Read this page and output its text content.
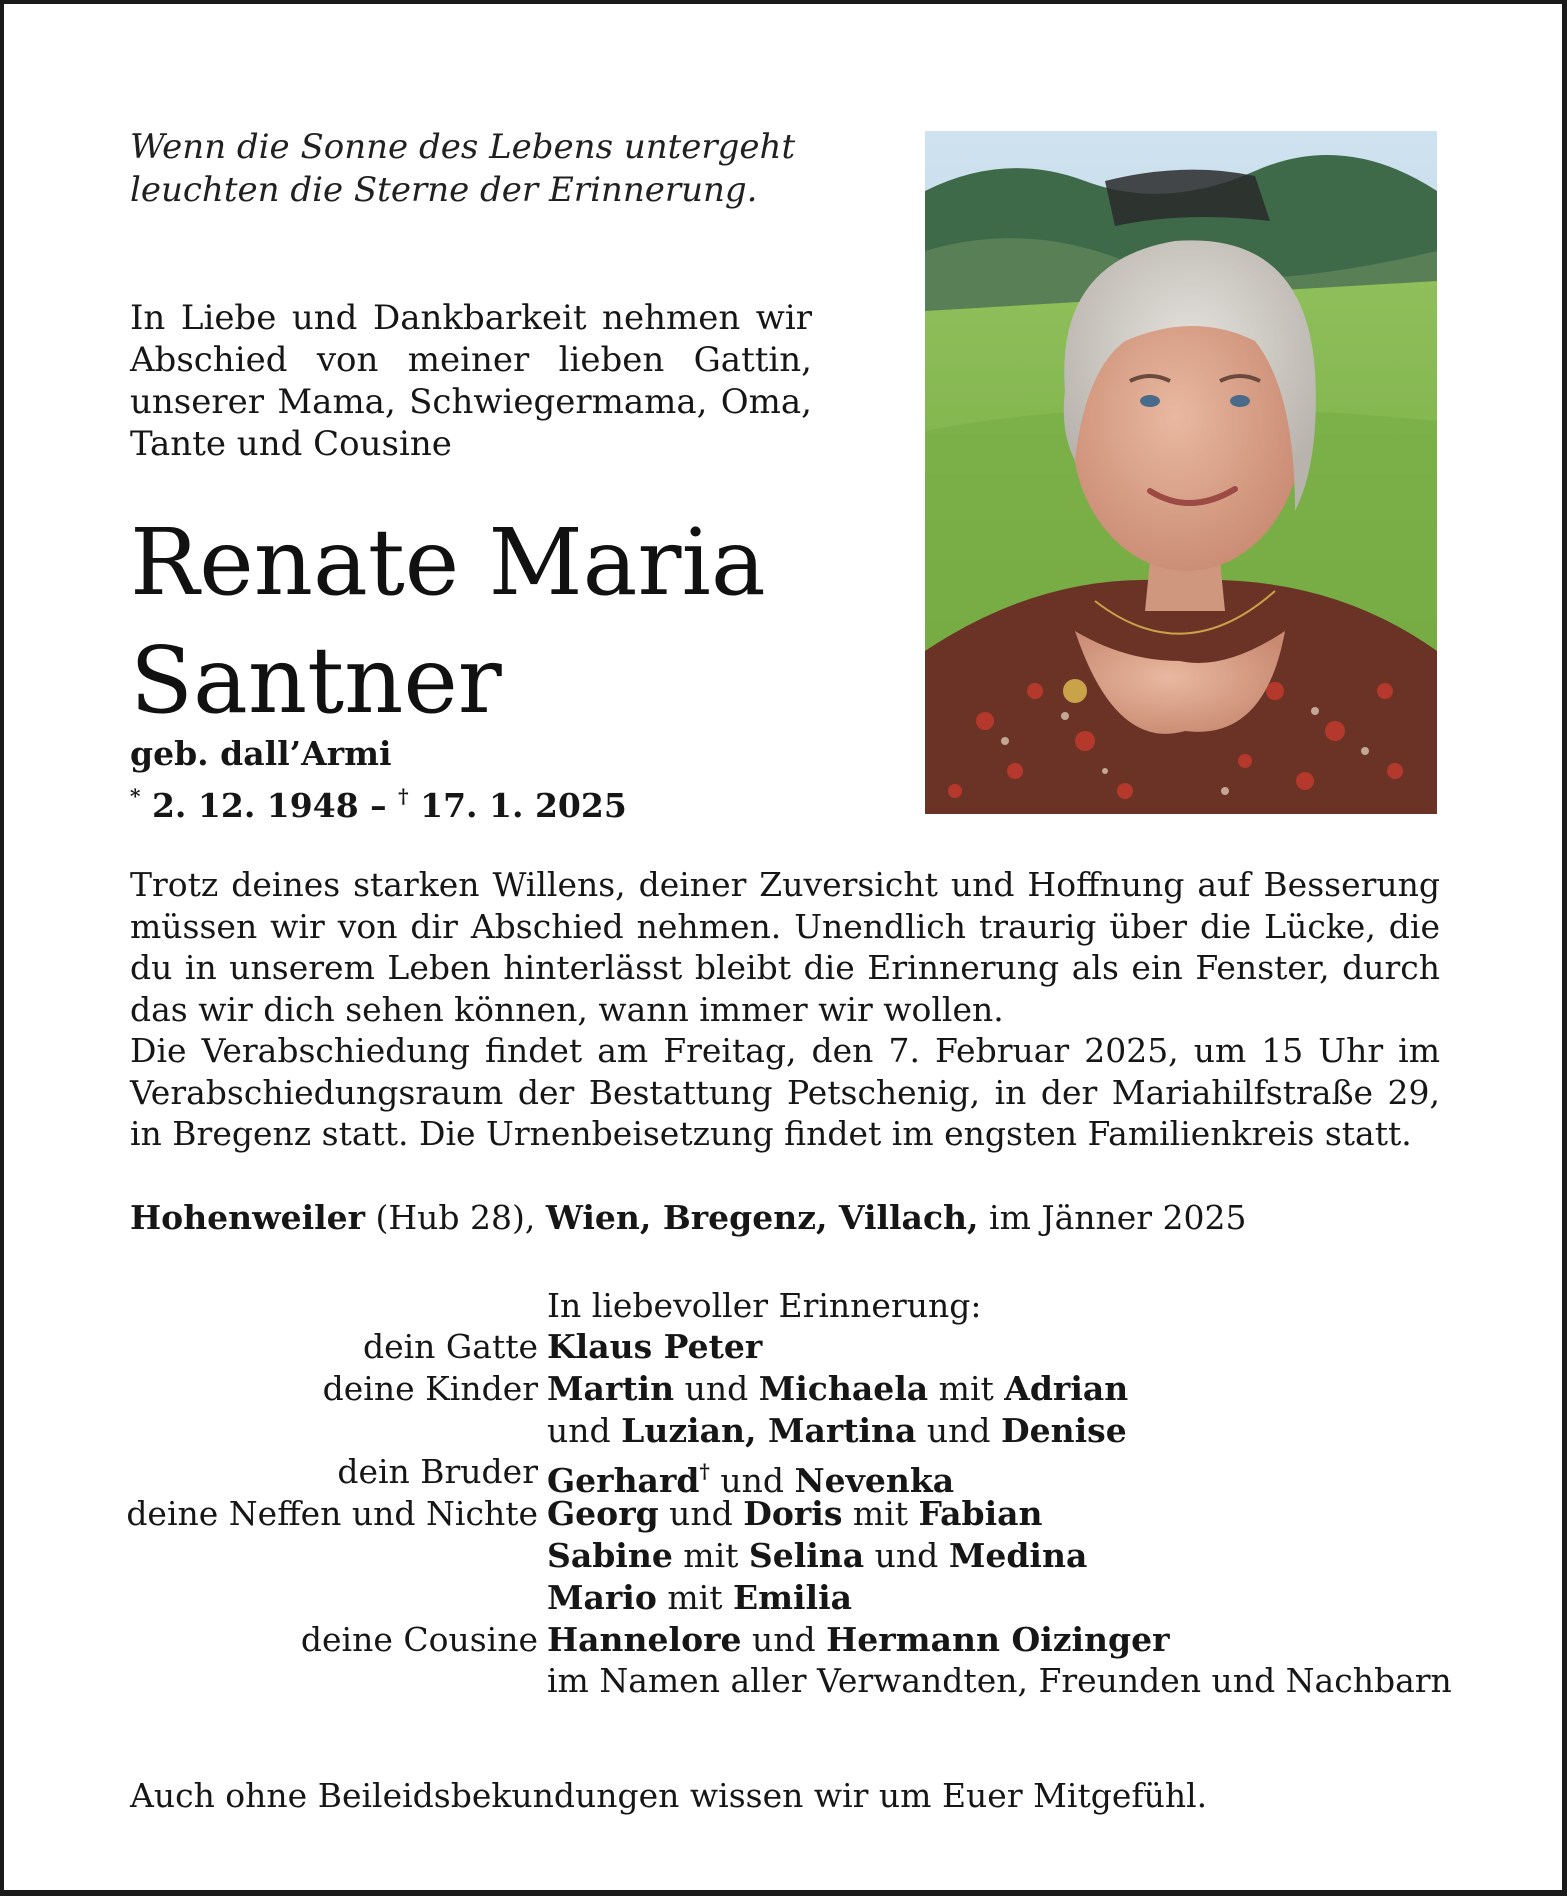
Wenn die Sonne des Lebens untergeht
leuchten die Sterne der Erinnerung.
In Liebe und Dankbarkeit nehmen wir Abschied von meiner lieben Gattin, unserer Mama, Schwiegermama, Oma, Tante und Cousine
Renate Maria
Santner
geb. dall’Armi
* 2. 12. 1948 – † 17. 1. 2025

Trotz deines starken Willens, deiner Zuversicht und Hoffnung auf Besserung müssen wir von dir Abschied nehmen. Unendlich traurig über die Lücke, die du in unserem Leben hinterlässt bleibt die Erinnerung als ein Fenster, durch das wir dich sehen können, wann immer wir wollen.

Die Verabschiedung findet am Freitag, den 7. Februar 2025, um 15 Uhr im Verabschiedungsraum der Bestattung Petschenig, in der Mariahilfstraße 29, in Bregenz statt. Die Urnenbeisetzung findet im engsten Familienkreis statt.

Hohenweiler (Hub 28), Wien, Bregenz, Villach, im Jänner 2025
In liebevoller Erinnerung:
dein Gatte Klaus Peter
deine Kinder Martin und Michaela mit Adrian
und Luzian, Martina und Denise
dein Bruder Gerhard† und Nevenka
deine Neffen und Nichte Georg und Doris mit Fabian
Sabine mit Selina und Medina
Mario mit Emilia
deine Cousine Hannelore und Hermann Oizinger
im Namen aller Verwandten, Freunden und Nachbarn
Auch ohne Beileidsbekundungen wissen wir um Euer Mitgefühl.
